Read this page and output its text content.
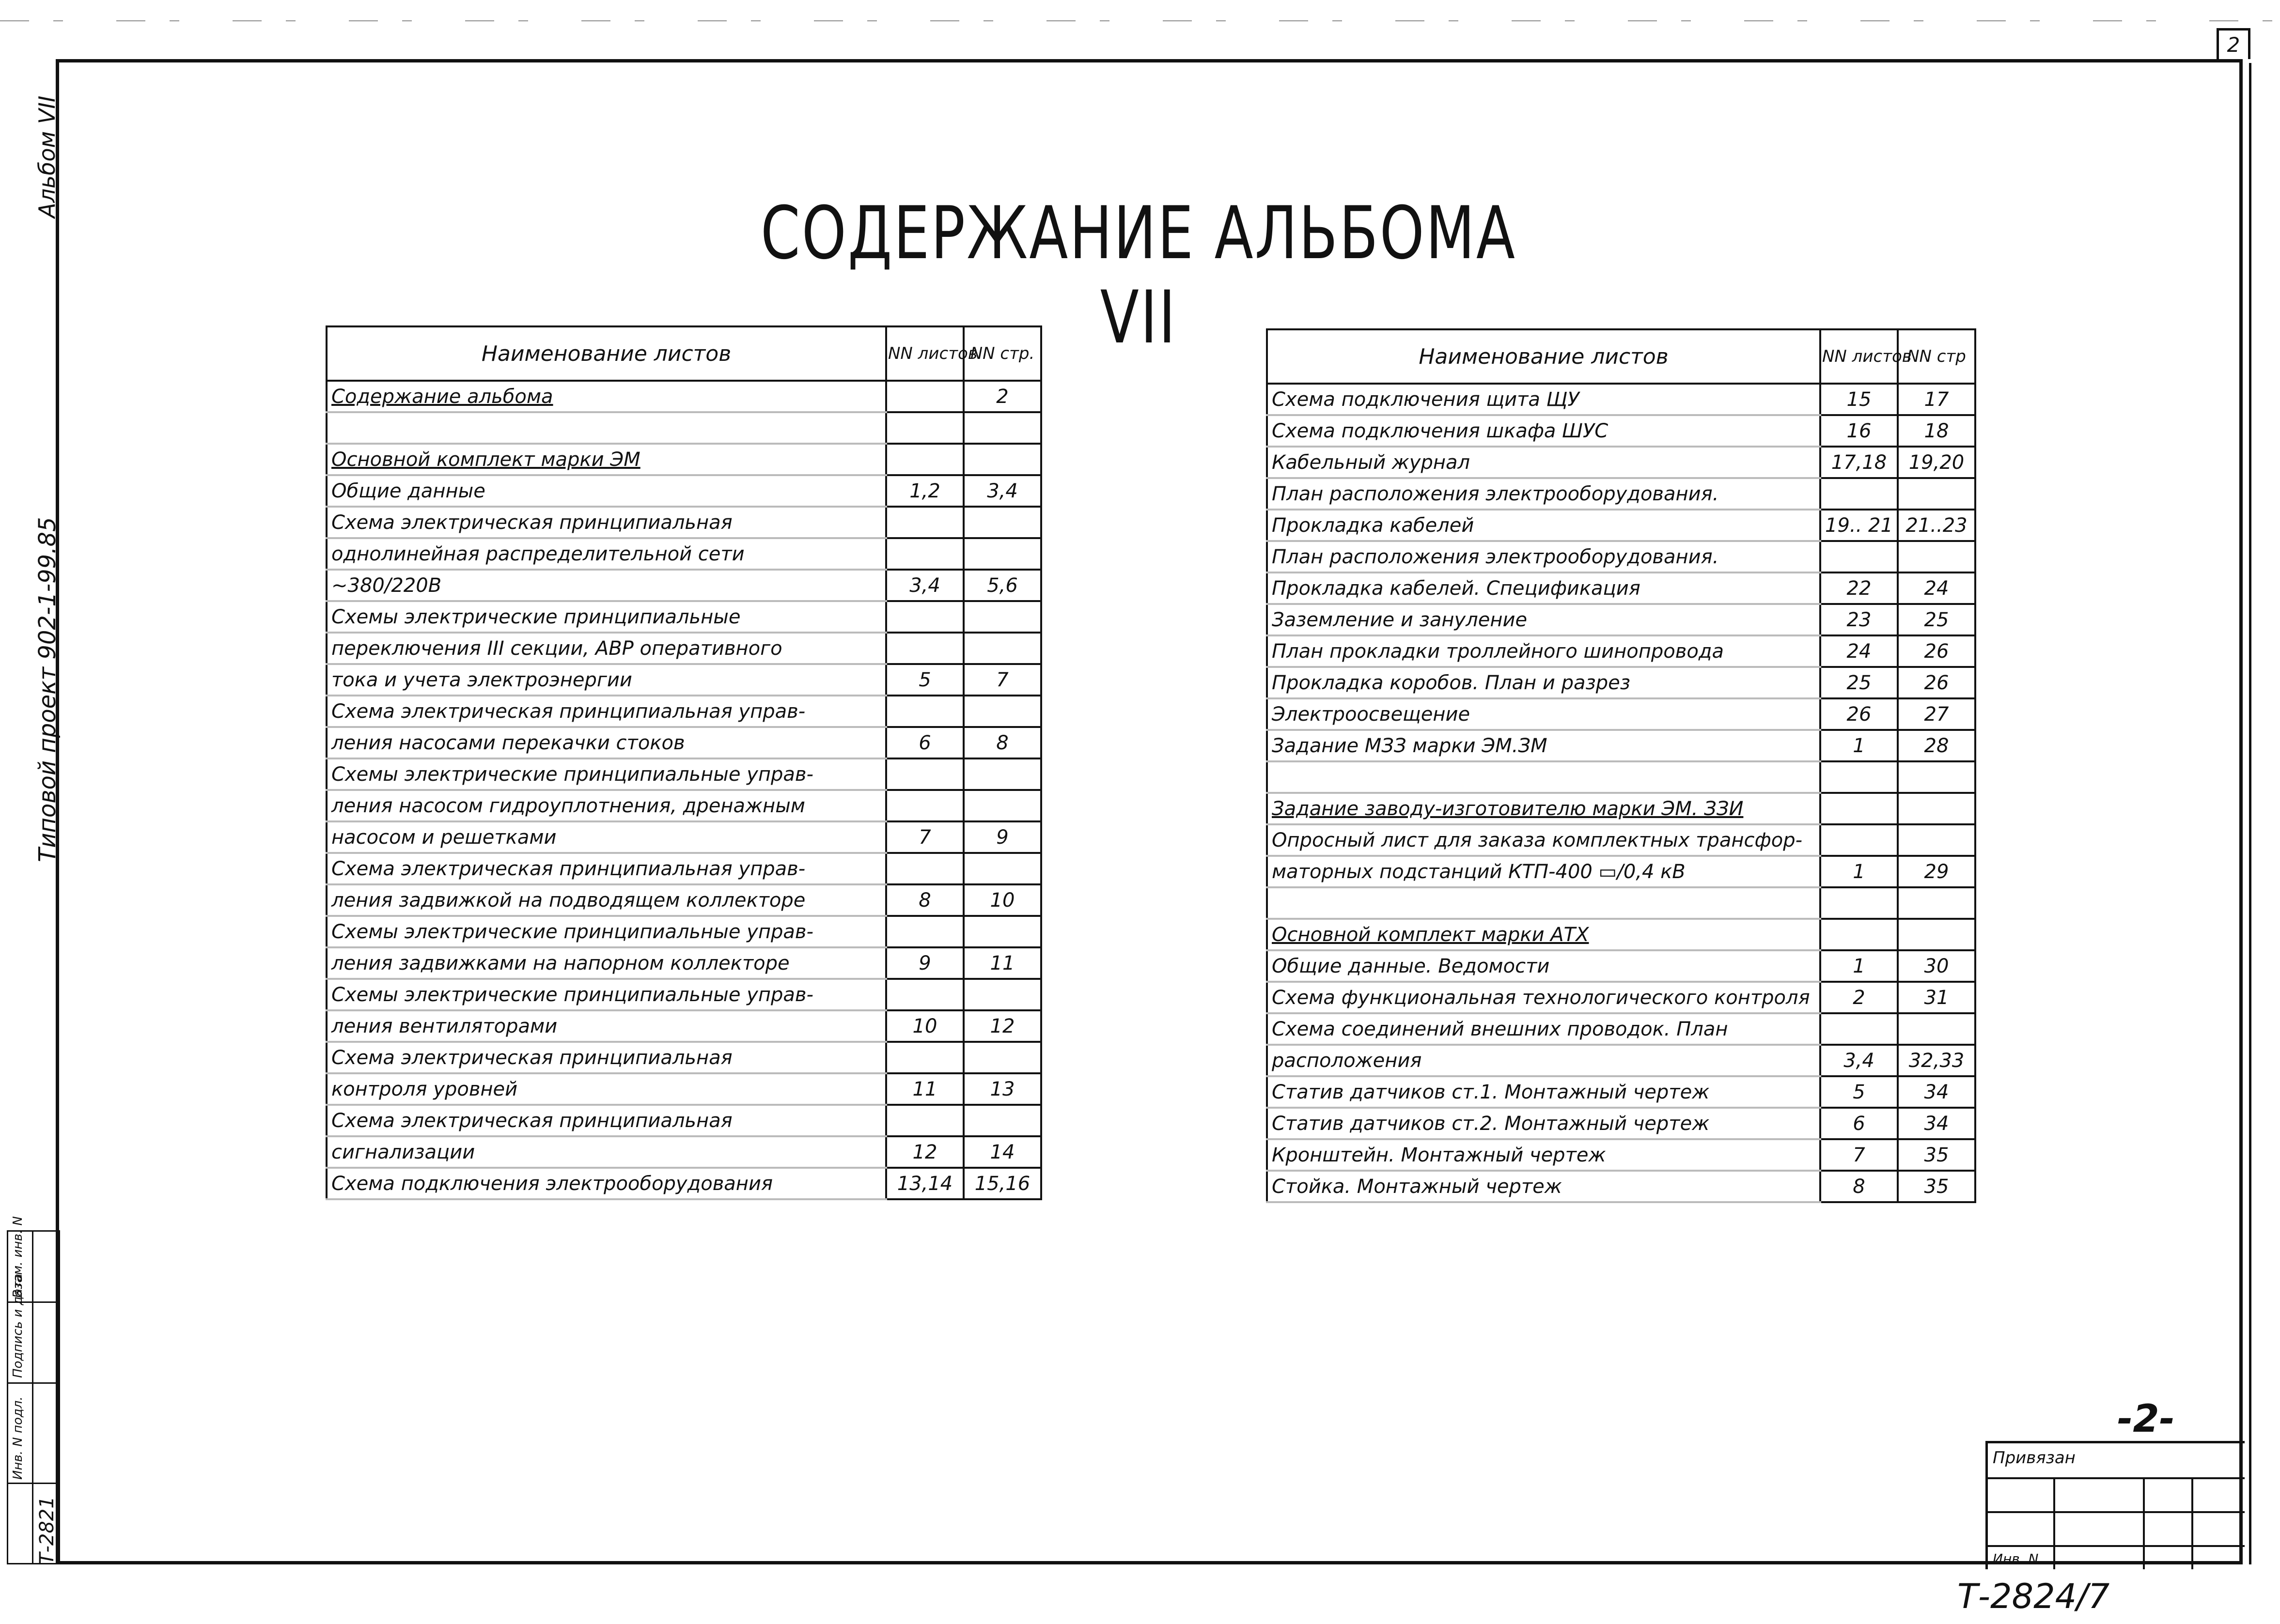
2
Альбом VII
Типовой проект 902-1-99.85
СОДЕРЖАНИЕ АЛЬБОМА VII
Наименование листов	NN листов	NN стр.
Содержание альбома		2

Основной комплект марки ЭМ		
Общие данные	1,2	3,4
Схема электрическая принципиальная		
однолинейная распределительной сети		
~380/220В	3,4	5,6
Схемы электрические принципиальные		
переключения III секции, АВР оперативного		
тока и учета электроэнергии	5	7
Схема электрическая принципиальная управ-		
ления насосами перекачки стоков	6	8
Схемы электрические принципиальные управ-		
ления насосом гидроуплотнения, дренажным		
насосом и решетками	7	9
Схема электрическая принципиальная управ-		
ления задвижкой на подводящем коллекторе	8	10
Схемы электрические принципиальные управ-		
ления задвижками на напорном коллекторе	9	11
Схемы электрические принципиальные управ-		
ления вентиляторами	10	12
Схема электрическая принципиальная		
контроля уровней	11	13
Схема электрическая принципиальная		
сигнализации	12	14
Схема подключения электрооборудования	13,14	15,16
Наименование листов	NN листов	NN стр
Схема подключения щита ЩУ	15	17
Схема подключения шкафа ШУС	16	18
Кабельный журнал	17,18	19,20
План расположения электрооборудования.		
Прокладка кабелей	19.. 21	21..23
План расположения электрооборудования.		
Прокладка кабелей. Спецификация	22	24
Заземление и зануление	23	25
План прокладки троллейного шинопровода	24	26
Прокладка коробов. План и разрез	25	26
Электроосвещение	26	27
Задание МЗЗ марки ЭМ.ЗМ	1	28

Задание заводу-изготовителю марки ЭМ. ЗЗИ		
Опросный лист для заказа комплектных трансфор-		
маторных подстанций КТП-400 ▭/0,4 кВ	1	29

Основной комплект марки АТХ		
Общие данные. Ведомости	1	30
Схема функциональная технологического контроля	2	31
Схема соединений внешних проводок. План		
расположения	3,4	32,33
Статив датчиков ст.1. Монтажный чертеж	5	34
Статив датчиков ст.2. Монтажный чертеж	6	34
Кронштейн. Монтажный чертеж	7	35
Стойка. Монтажный чертеж	8	35
-2-
Привязан
Инв. N
Взам. инв. N
Подпись и дата
Инв. N подл.
Т-2821
Т-2824/7
